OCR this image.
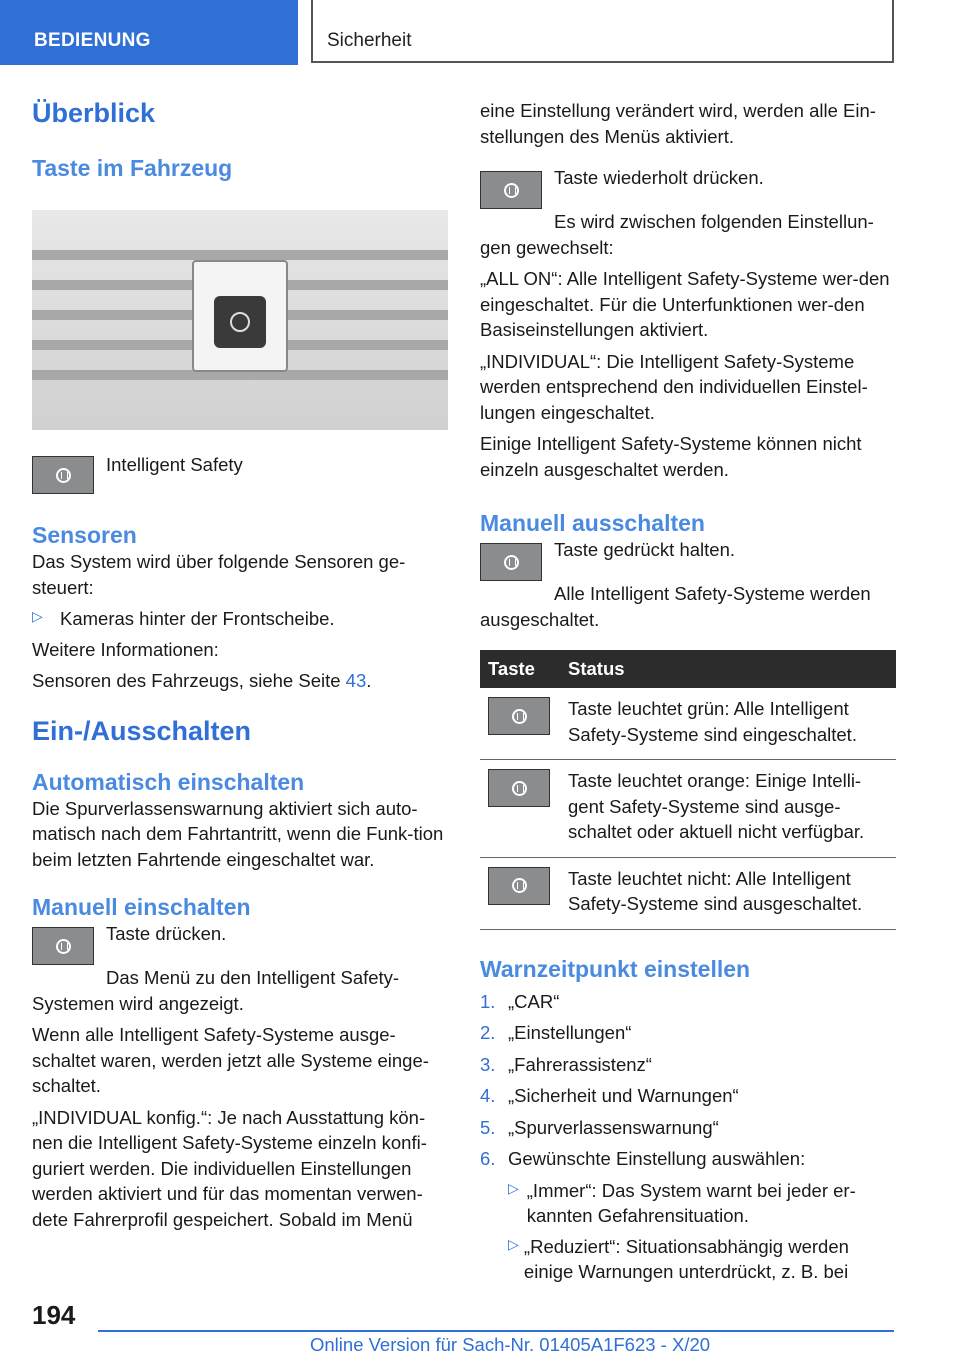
BEDIENUNG	Sicherheit
Überblick
Taste im Fahrzeug

Intelligent Safety

Sensoren

Das System wird über folgende Sensoren ge-steuert:

▷ Kameras hinter der Frontscheibe.

Weitere Informationen:

Sensoren des Fahrzeugs, siehe Seite 43.

Ein-/Ausschalten
Automatisch einschalten

Die Spurverlassenswarnung aktiviert sich auto-matisch nach dem Fahrtantritt, wenn die Funk-tion beim letzten Fahrtende eingeschaltet war.

Manuell einschalten

Taste drücken.

Das Menü zu den Intelligent Safety-Systemen wird angezeigt.

Wenn alle Intelligent Safety-Systeme ausge-schaltet waren, werden jetzt alle Systeme einge-schaltet.

„INDIVIDUAL konfig.“: Je nach Ausstattung kön-nen die Intelligent Safety-Systeme einzeln konfi-guriert werden. Die individuellen Einstellungen werden aktiviert und für das momentan verwen-dete Fahrerprofil gespeichert. Sobald im Menü

eine Einstellung verändert wird, werden alle Ein-stellungen des Menüs aktiviert.

Taste wiederholt drücken.

Es wird zwischen folgenden Einstellun-gen gewechselt:

„ALL ON“: Alle Intelligent Safety-Systeme wer-den eingeschaltet. Für die Unterfunktionen wer-den Basiseinstellungen aktiviert.

„INDIVIDUAL“: Die Intelligent Safety-Systeme werden entsprechend den individuellen Einstel-lungen eingeschaltet.

Einige Intelligent Safety-Systeme können nicht einzeln ausgeschaltet werden.

Manuell ausschalten

Taste gedrückt halten.

Alle Intelligent Safety-Systeme werden ausgeschaltet.

Taste	Status

	Taste leuchtet grün: Alle Intelligent Safety-Systeme sind eingeschaltet.

	Taste leuchtet orange: Einige Intelli-gent Safety-Systeme sind ausge-schaltet oder aktuell nicht verfügbar.

	Taste leuchtet nicht: Alle Intelligent Safety-Systeme sind ausgeschaltet.
Warnzeitpunkt einstellen
1. „CAR“
2. „Einstellungen“
3. „Fahrerassistenz“
4. „Sicherheit und Warnungen“
5. „Spurverlassenswarnung“
6. Gewünschte Einstellung auswählen:
▷ „Immer“: Das System warnt bei jeder er-kannten Gefahrensituation.

▷ „Reduziert“: Situationsabhängig werden einige Warnungen unterdrückt, z. B. bei

194
Online Version für Sach-Nr. 01405A1F623 - X/20
